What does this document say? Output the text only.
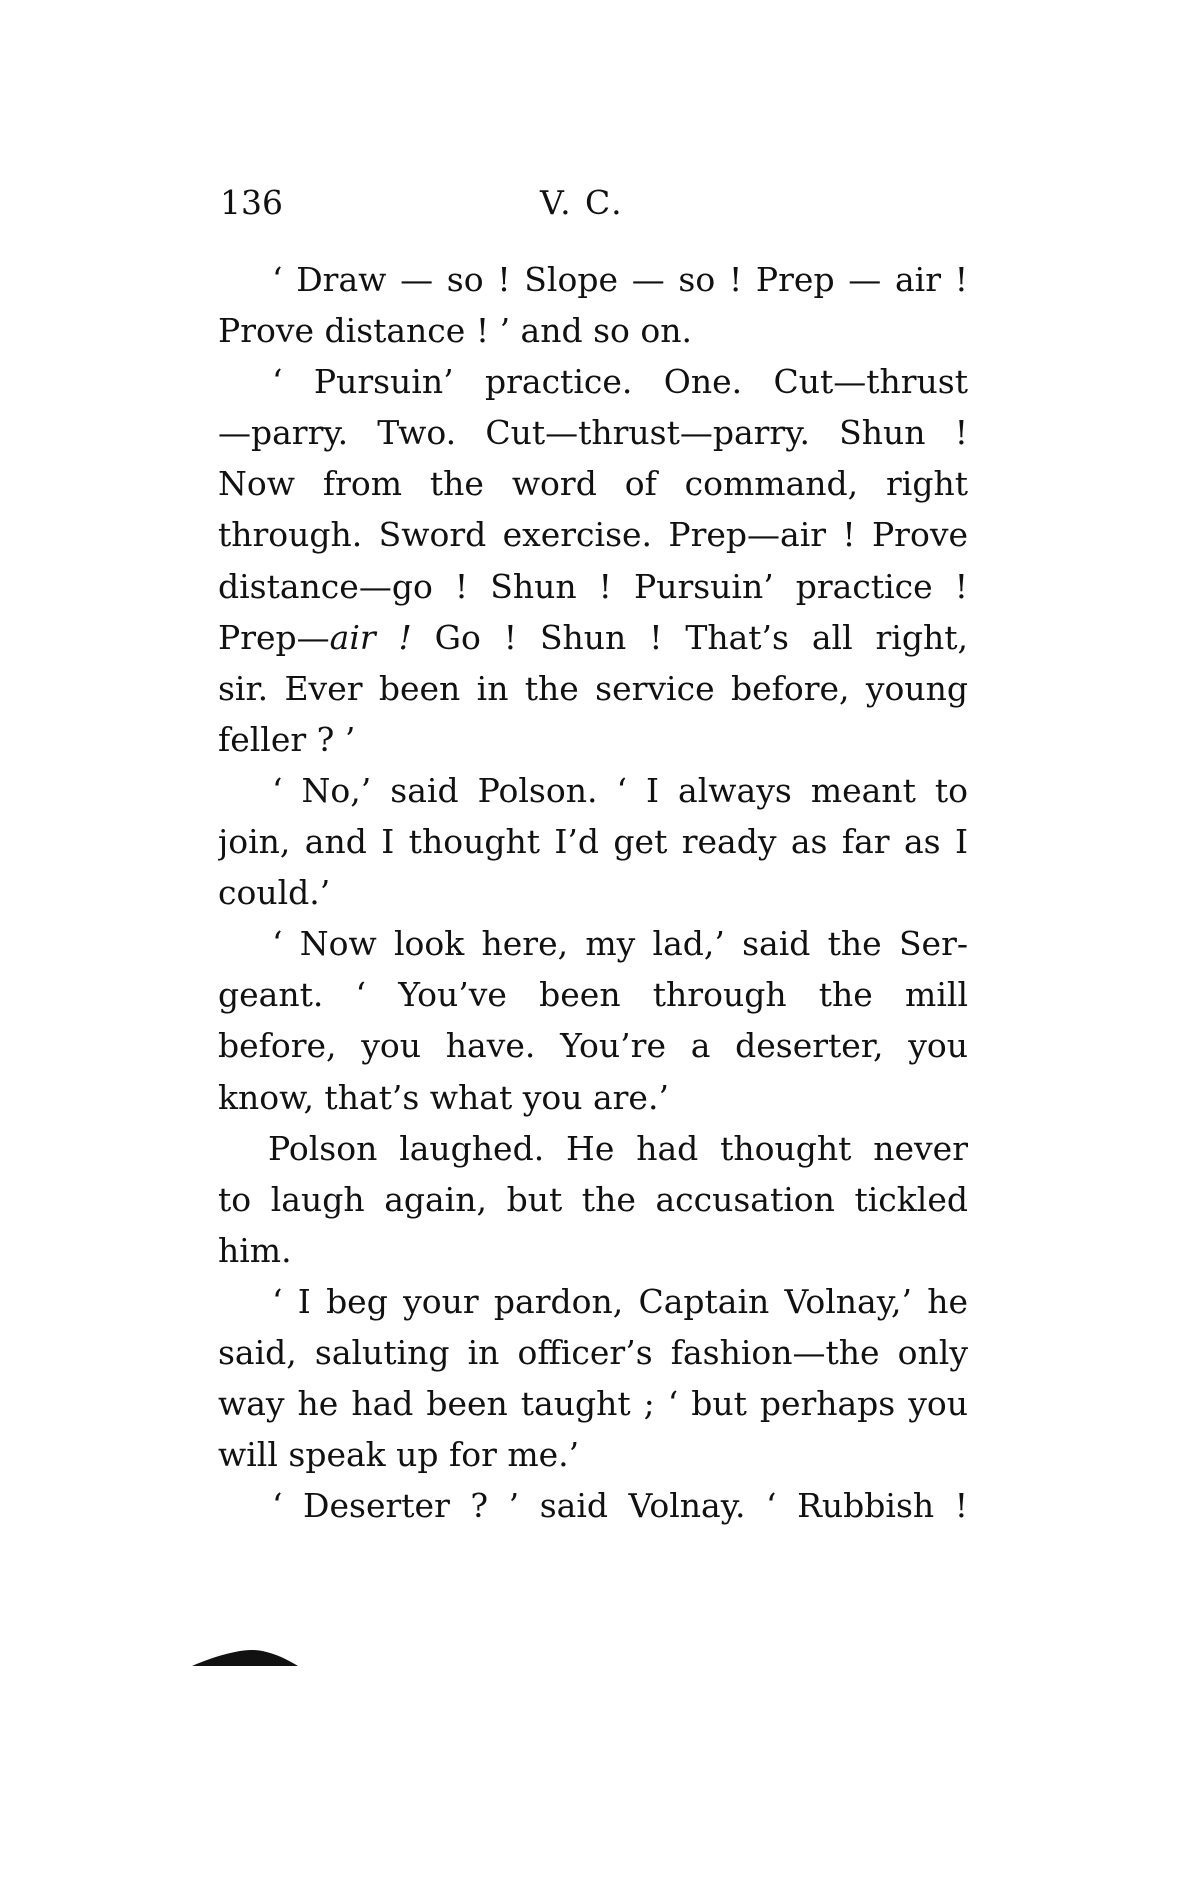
136	V. C.
‘ Draw — so ! Slope — so ! Prep — air !
Prove distance ! ’ and so on.
‘ Pursuin’ practice. One. Cut—thrust
—parry. Two. Cut—thrust—parry. Shun !
Now from the word of command, right
through. Sword exercise. Prep—air ! Prove
distance—go ! Shun ! Pursuin’ practice !
Prep—air ! Go ! Shun ! That’s all right,
sir. Ever been in the service before, young
feller ? ’
‘ No,’ said Polson. ‘ I always meant to
join, and I thought I’d get ready as far as I
could.’
‘ Now look here, my lad,’ said the Ser-
geant. ‘ You’ve been through the mill
before, you have. You’re a deserter, you
know, that’s what you are.’
Polson laughed. He had thought never
to laugh again, but the accusation tickled
him.
‘ I beg your pardon, Captain Volnay,’ he
said, saluting in officer’s fashion—the only
way he had been taught ; ‘ but perhaps you
will speak up for me.’
‘ Deserter ? ’ said Volnay. ‘ Rubbish !
